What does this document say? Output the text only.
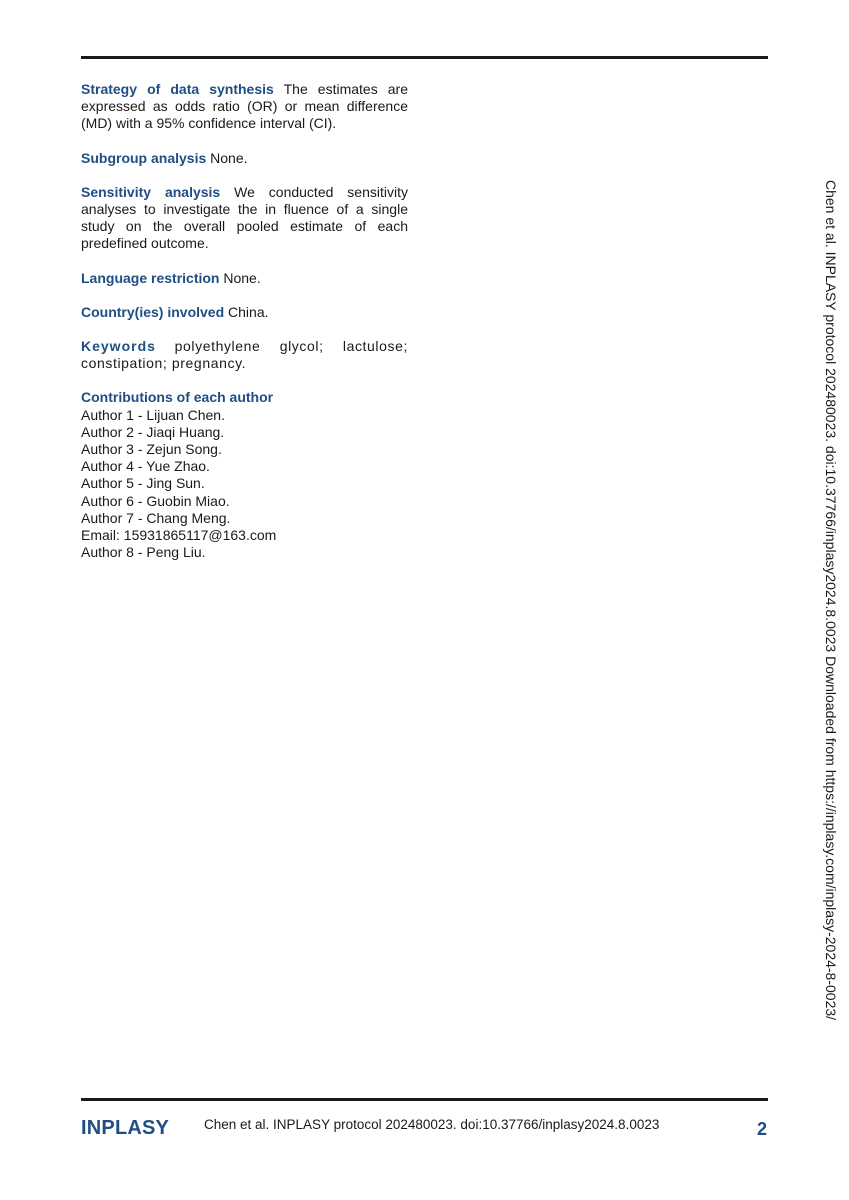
Strategy of data synthesis The estimates are expressed as odds ratio (OR) or mean difference (MD) with a 95% confidence interval (CI).

Subgroup analysis None.

Sensitivity analysis We conducted sensitivity analyses to investigate the in fluence of a single study on the overall pooled estimate of each predefined outcome.

Language restriction None.

Country(ies) involved China.

Keywords polyethylene glycol; lactulose; constipation; pregnancy.

Contributions of each author
Author 1 - Lijuan Chen.
Author 2 - Jiaqi Huang.
Author 3 - Zejun Song.
Author 4 - Yue Zhao.
Author 5 - Jing Sun.
Author 6 - Guobin Miao.
Author 7 - Chang Meng.
Email: 15931865117@163.com
Author 8 - Peng Liu.	Chen et al. INPLASY protocol 202480023. doi:10.37766/inplasy2024.8.0023 Downloaded from https://inplasy.com/inplasy-2024-8-0023/
INPLASY	Chen et al. INPLASY protocol 202480023. doi:10.37766/inplasy2024.8.0023	2
